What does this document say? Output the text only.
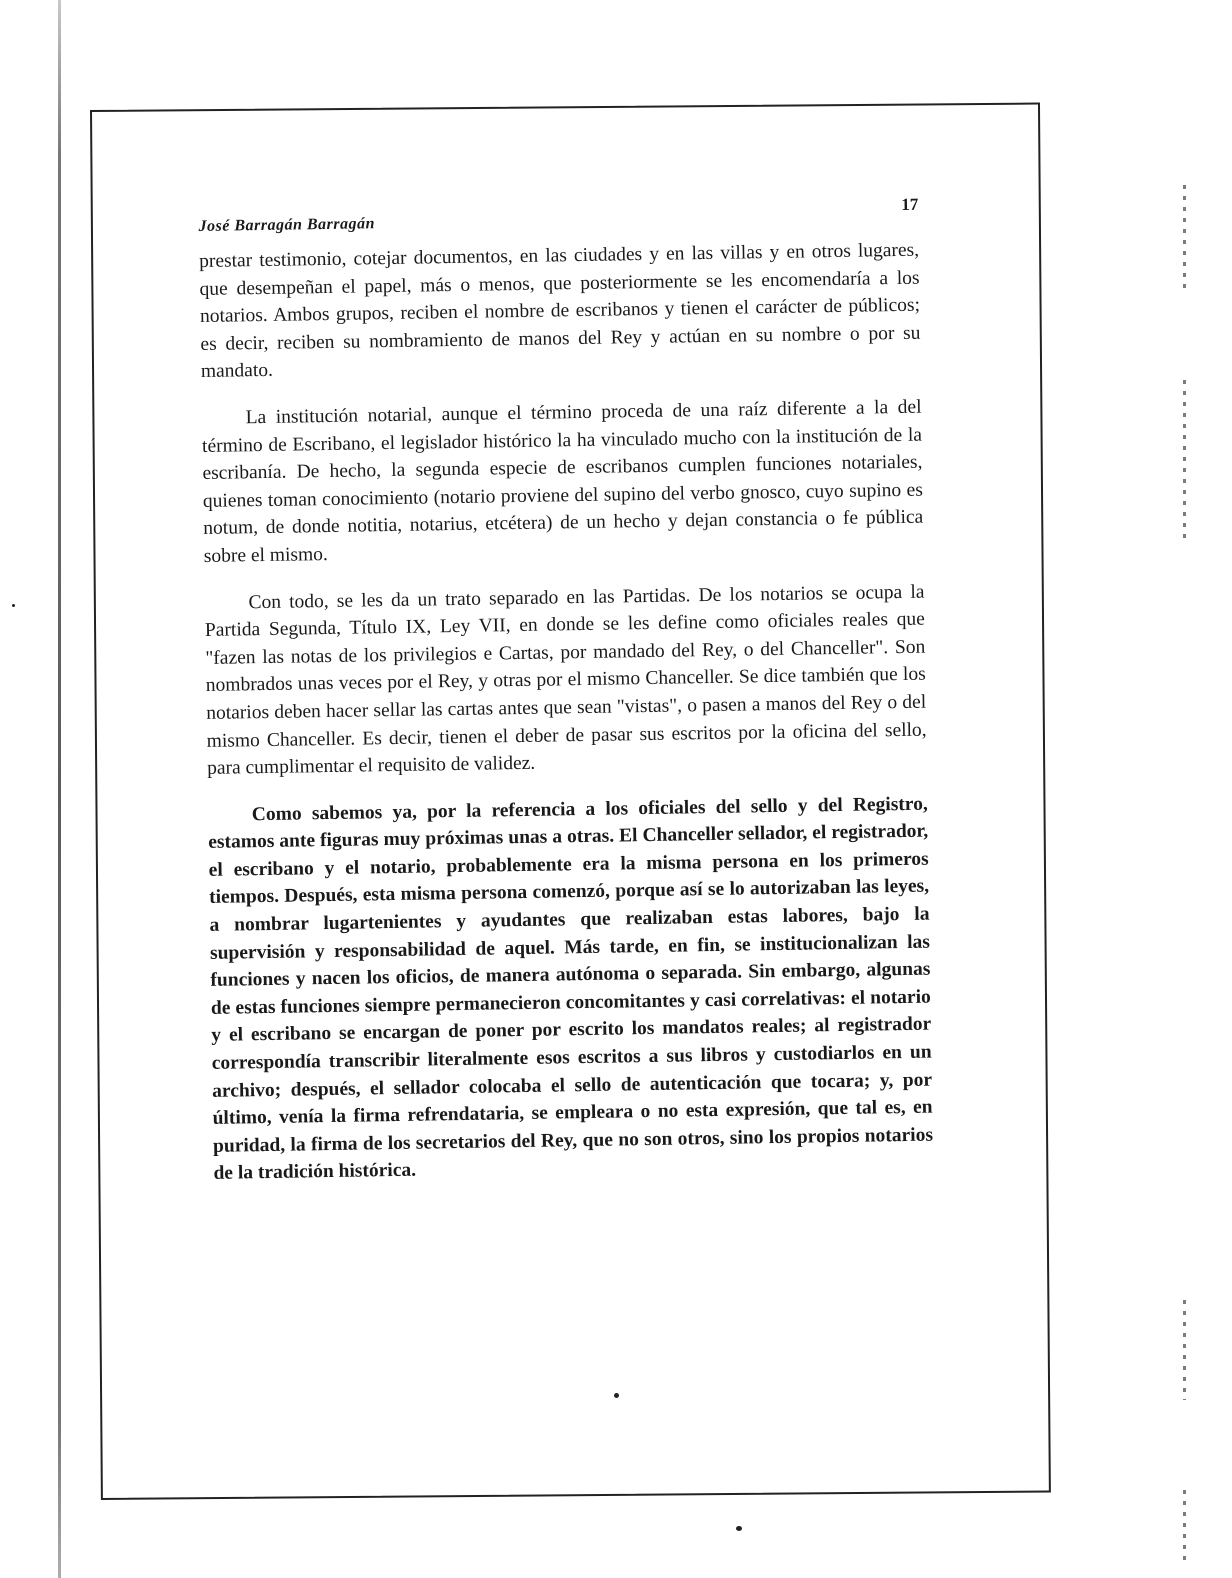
José Barragán Barragán
17

prestar testimonio, cotejar documentos, en las ciudades y en las villas y en otros lugares, que desempeñan el papel, más o menos, que posteriormente se les encomendaría a los notarios. Ambos grupos, reciben el nombre de escribanos y tienen el carácter de públicos; es decir, reciben su nombramiento de manos del Rey y actúan en su nombre o por su mandato.

La institución notarial, aunque el término proceda de una raíz diferente a la del término de Escribano, el legislador histórico la ha vinculado mucho con la institución de la escribanía. De hecho, la segunda especie de escribanos cumplen funciones notariales, quienes toman conocimiento (notario proviene del supino del verbo gnosco, cuyo supino es notum, de donde notitia, notarius, etcétera) de un hecho y dejan constancia o fe pública sobre el mismo.

Con todo, se les da un trato separado en las Partidas. De los notarios se ocupa la Partida Segunda, Título IX, Ley VII, en donde se les define como oficiales reales que "fazen las notas de los privilegios e Cartas, por mandado del Rey, o del Chanceller". Son nombrados unas veces por el Rey, y otras por el mismo Chanceller. Se dice también que los notarios deben hacer sellar las cartas antes que sean "vistas", o pasen a manos del Rey o del mismo Chanceller. Es decir, tienen el deber de pasar sus escritos por la oficina del sello, para cumplimentar el requisito de validez.

Como sabemos ya, por la referencia a los oficiales del sello y del Registro, estamos ante figuras muy próximas unas a otras. El Chanceller sellador, el registrador, el escribano y el notario, probablemente era la misma persona en los primeros tiempos. Después, esta misma persona comenzó, porque así se lo autorizaban las leyes, a nombrar lugartenientes y ayudantes que realizaban estas labores, bajo la supervisión y responsabilidad de aquel. Más tarde, en fin, se institucionalizan las funciones y nacen los oficios, de manera autónoma o separada. Sin embargo, algunas de estas funciones siempre permanecieron concomitantes y casi correlativas: el notario y el escribano se encargan de poner por escrito los mandatos reales; al registrador correspondía transcribir literalmente esos escritos a sus libros y custodiarlos en un archivo; después, el sellador colocaba el sello de autenticación que tocara; y, por último, venía la firma refrendataria, se empleara o no esta expresión, que tal es, en puridad, la firma de los secretarios del Rey, que no son otros, sino los propios notarios de la tradición histórica.
